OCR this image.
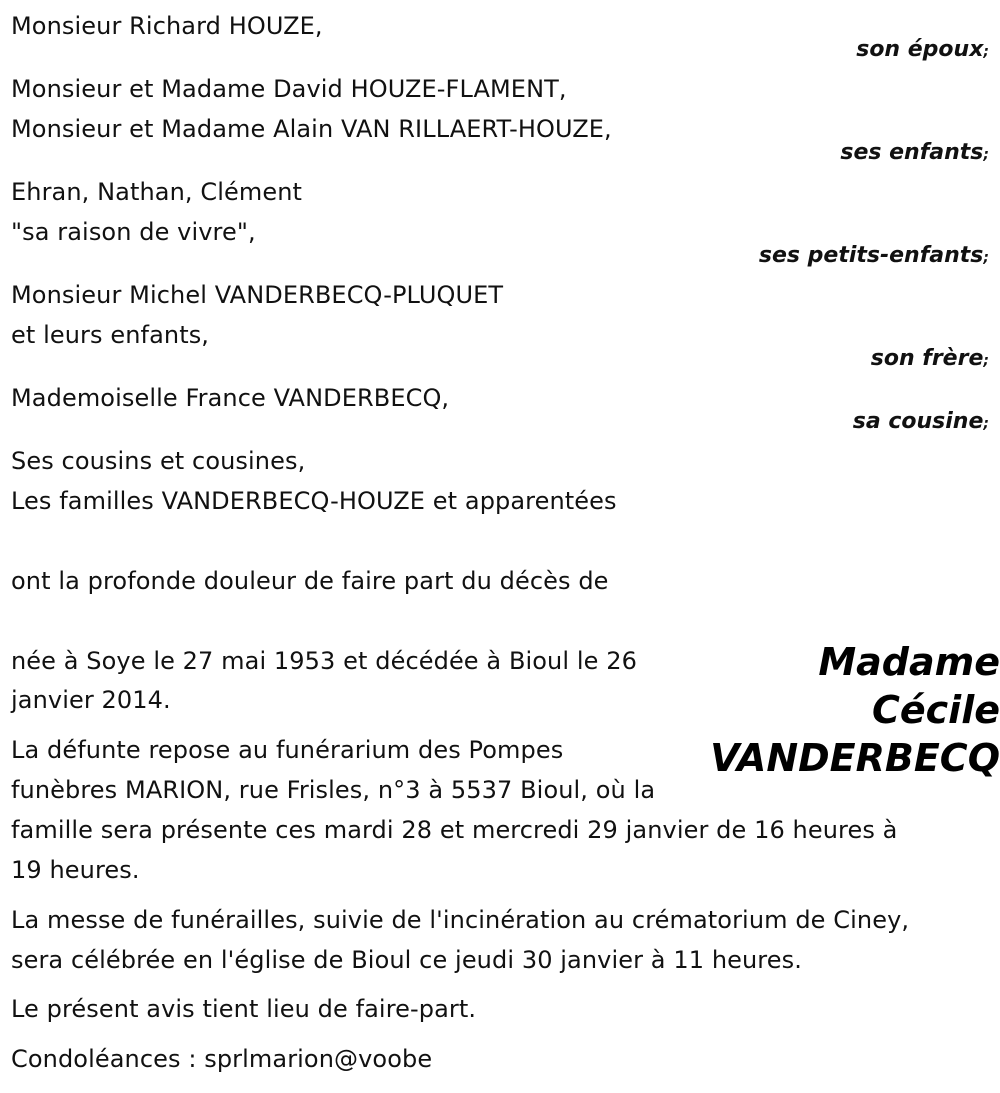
Monsieur Richard HOUZE,
son époux;
Monsieur et Madame David HOUZE-FLAMENT,
Monsieur et Madame Alain VAN RILLAERT-HOUZE,
ses enfants;
Ehran, Nathan, Clément
"sa raison de vivre",
ses petits-enfants;
Monsieur Michel VANDERBECQ-PLUQUET
et leurs enfants,
son frère;
Mademoiselle France VANDERBECQ,
sa cousine;
Ses cousins et cousines,
Les familles VANDERBECQ-HOUZE et apparentées
ont la profonde douleur de faire part du décès de
née à Soye le 27 mai 1953 et décédée à Bioul le 26
janvier 2014.
La défunte repose au funérarium des Pompes
funèbres MARION, rue Frisles, n°3 à 5537 Bioul, où la
famille sera présente ces mardi 28 et mercredi 29 janvier de 16 heures à
19 heures.
La messe de funérailles, suivie de l'incinération au crématorium de Ciney,
sera célébrée en l'église de Bioul ce jeudi 30 janvier à 11 heures.
Le présent avis tient lieu de faire-part.
Condoléances : sprlmarion@voobe
Madame
Cécile
VANDERBECQ
